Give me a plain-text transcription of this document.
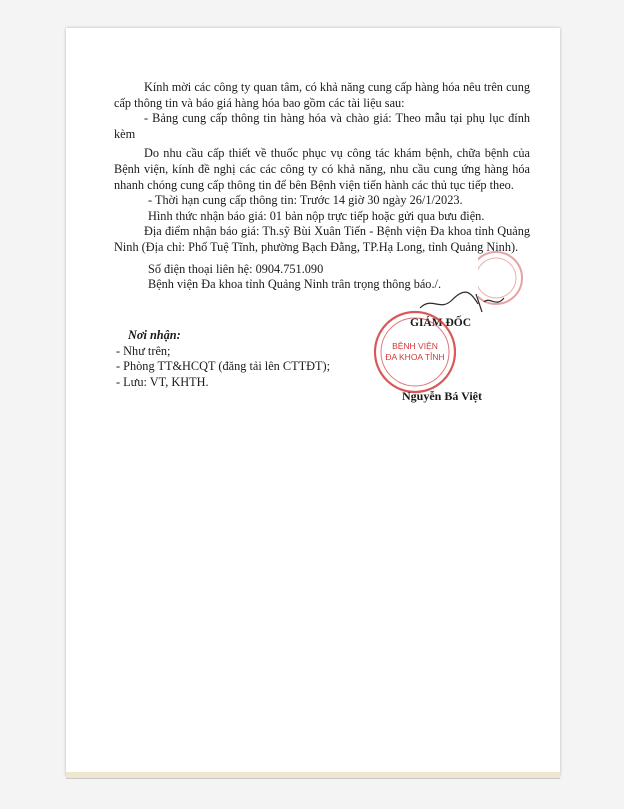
Kính mời các công ty quan tâm, có khả năng cung cấp hàng hóa nêu trên cung cấp thông tin và báo giá hàng hóa bao gồm các tài liệu sau:

- Bảng cung cấp thông tin hàng hóa và chào giá: Theo mẫu tại phụ lục đính kèm

Do nhu cầu cấp thiết về thuốc phục vụ công tác khám bệnh, chữa bệnh của Bệnh viện, kính đề nghị các các công ty có khả năng, nhu cầu cung ứng hàng hóa nhanh chóng cung cấp thông tin để bên Bệnh viện tiến hành các thủ tục tiếp theo.

- Thời hạn cung cấp thông tin: Trước 14 giờ 30 ngày 26/1/2023.

Hình thức nhận báo giá: 01 bản nộp trực tiếp hoặc gửi qua bưu điện.

Địa điểm nhận báo giá: Th.sỹ Bùi Xuân Tiến - Bệnh viện Đa khoa tỉnh Quảng Ninh (Địa chỉ: Phố Tuệ Tĩnh, phường Bạch Đằng, TP.Hạ Long, tỉnh Quảng Ninh).

Số điện thoại liên hệ: 0904.751.090

Bệnh viện Đa khoa tỉnh Quảng Ninh trân trọng thông báo./.

GIÁM ĐỐC
Nơi nhận:

- Như trên;

- Phòng TT&HCQT (đăng tải lên CTTĐT);

- Lưu: VT, KHTH.

BỆNH VIỆN
ĐA KHOA TỈNH
Nguyễn Bá Việt
